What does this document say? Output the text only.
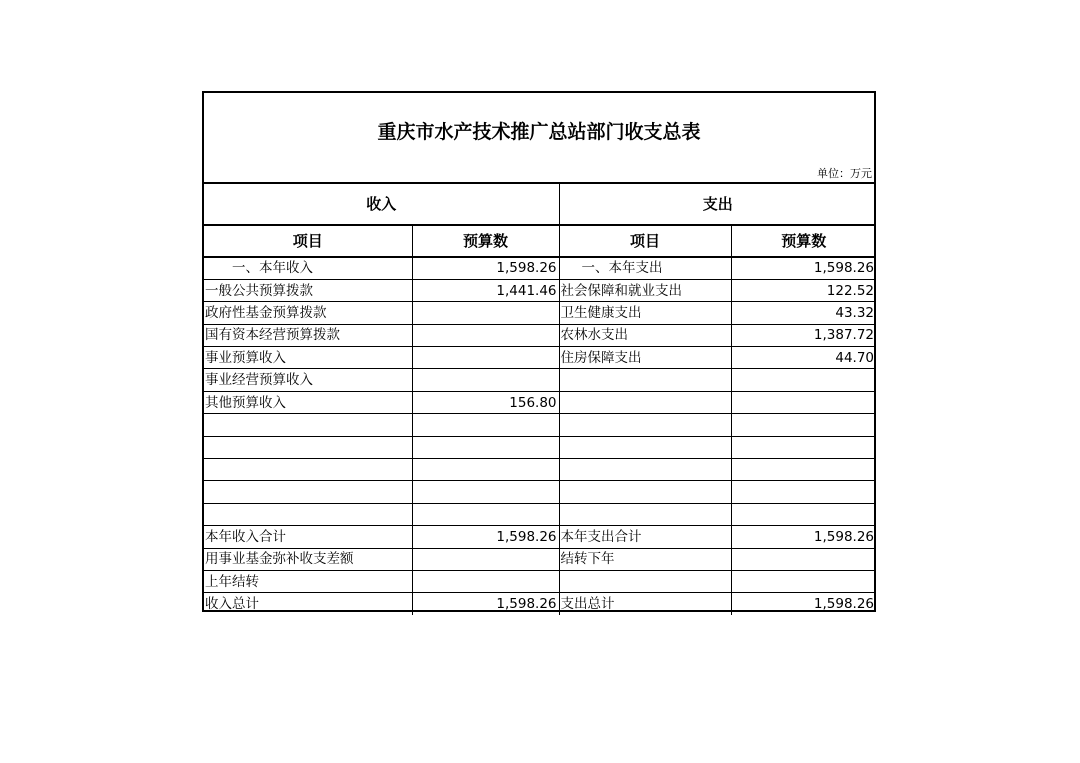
重庆市水产技术推广总站部门收支总表
单位：万元
收入		支出	
项目	预算数	项目	预算数
一、本年收入	1,598.26	一、本年支出	1,598.26
一般公共预算拨款	1,441.46	社会保障和就业支出	122.52
政府性基金预算拨款		卫生健康支出	43.32
国有资本经营预算拨款		农林水支出	1,387.72
事业预算收入		住房保障支出	44.70
事业经营预算收入			
其他预算收入	156.80		

本年收入合计	1,598.26	本年支出合计	1,598.26
用事业基金弥补收支差额		结转下年	
上年结转			
收入总计	1,598.26	支出总计	1,598.26
